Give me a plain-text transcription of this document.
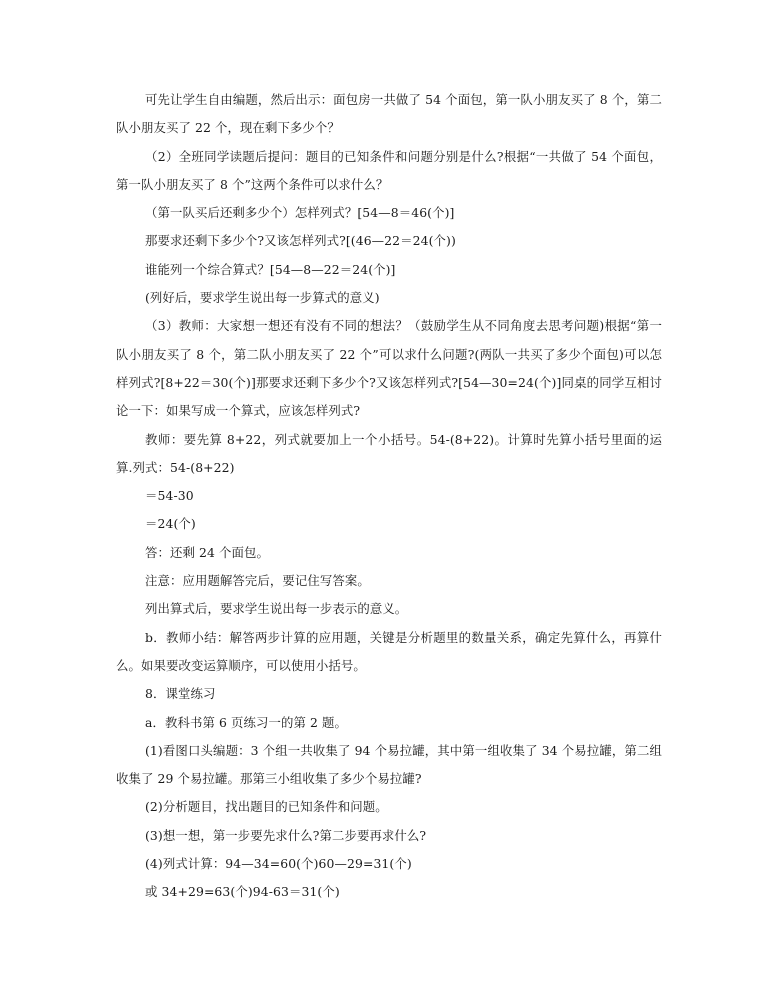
可先让学生自由编题，然后出示：面包房一共做了 54 个面包，第一队小朋友买了 8 个，第二队小朋友买了 22 个，现在剩下多少个？

（2）全班同学读题后提问：题目的已知条件和问题分别是什么?根据“一共做了 54 个面包，第一队小朋友买了 8 个”这两个条件可以求什么？

（第一队买后还剩多少个）怎样列式？[54—8＝46(个)]

那要求还剩下多少个?又该怎样列式?[(46—22＝24(个))

谁能列一个综合算式？[54—8—22＝24(个)]

(列好后，要求学生说出每一步算式的意义)

（3）教师：大家想一想还有没有不同的想法？（鼓励学生从不同角度去思考问题)根据“第一队小朋友买了 8 个，第二队小朋友买了 22 个”可以求什么问题?(两队一共买了多少个面包)可以怎样列式?[8+22＝30(个)]那要求还剩下多少个?又该怎样列式?[54—30=24(个)]同桌的同学互相讨论一下：如果写成一个算式，应该怎样列式?

教师：要先算 8+22，列式就要加上一个小括号。54-(8+22)。计算时先算小括号里面的运算.列式：54-(8+22)

＝54-30

＝24(个)

答：还剩 24 个面包。

注意：应用题解答完后，要记住写答案。

列出算式后，要求学生说出每一步表示的意义。

b．教师小结：解答两步计算的应用题，关键是分析题里的数量关系，确定先算什么，再算什么。如果要改变运算顺序，可以使用小括号。

8．课堂练习

a．教科书第 6 页练习一的第 2 题。

(1)看图口头编题：3 个组一共收集了 94 个易拉罐，其中第一组收集了 34 个易拉罐，第二组收集了 29 个易拉罐。那第三小组收集了多少个易拉罐?

(2)分析题目，找出题目的已知条件和问题。

(3)想一想，第一步要先求什么?第二步要再求什么?

(4)列式计算：94—34=60(个)60—29=31(个)

或 34+29=63(个)94-63＝31(个)
